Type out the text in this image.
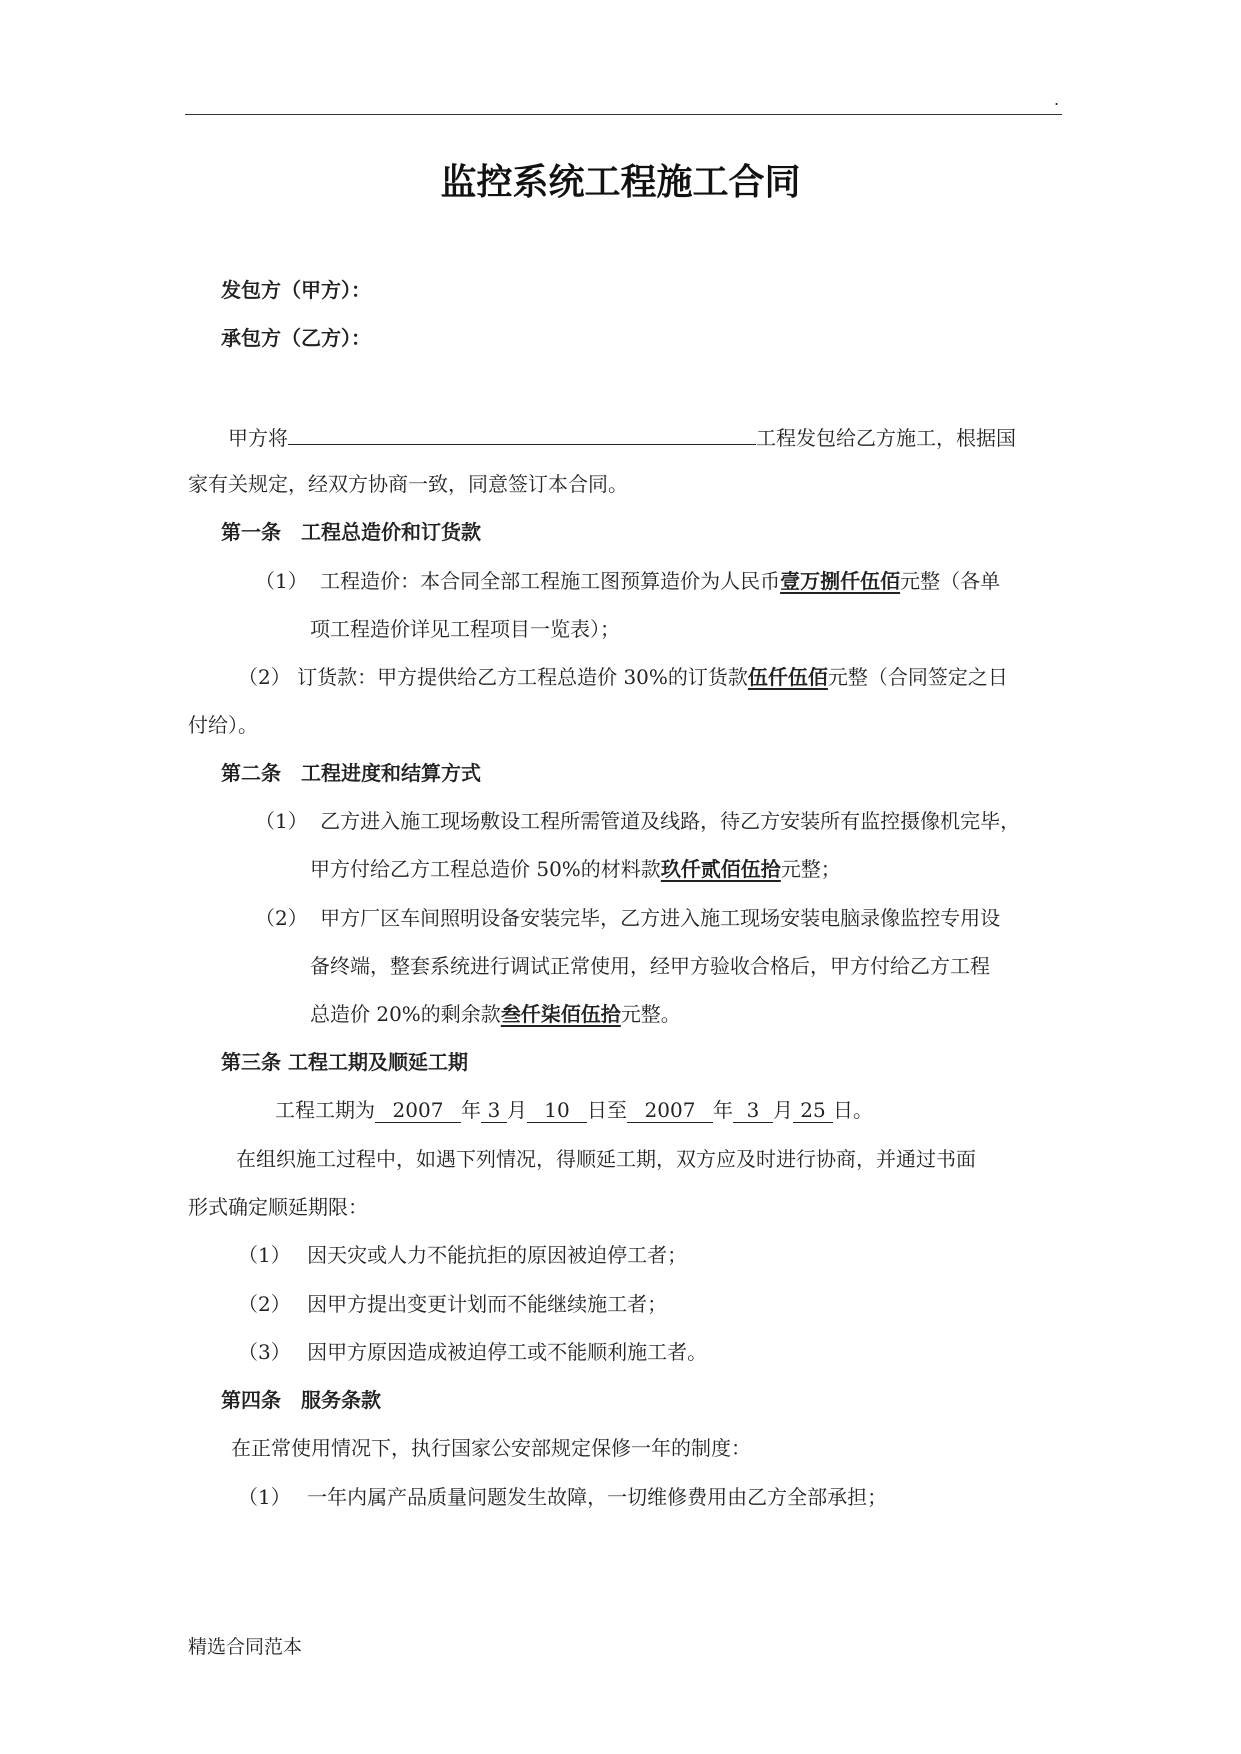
.
监控系统工程施工合同
发包方（甲方）：
承包方（乙方）：
甲方将	工程发包给乙方施工，根据国
家有关规定，经双方协商一致，同意签订本合同。
第一条　工程总造价和订货款
（1） 工程造价：本合同全部工程施工图预算造价为人民币壹万捌仟伍佰元整（各单
项工程造价详见工程项目一览表）；
（2） 订货款：甲方提供给乙方工程总造价 30%的订货款伍仟伍佰元整（合同签定之日
付给）。
第二条　工程进度和结算方式
（1） 乙方进入施工现场敷设工程所需管道及线路，待乙方安装所有监控摄像机完毕，
甲方付给乙方工程总造价 50%的材料款玖仟贰佰伍拾元整；
（2） 甲方厂区车间照明设备安装完毕，乙方进入施工现场安装电脑录像监控专用设
备终端，整套系统进行调试正常使用，经甲方验收合格后，甲方付给乙方工程
总造价 20%的剩余款叁仟柒佰伍拾元整。
第三条 工程工期及顺延工期
工程工期为 2007 年 3 月 10 日至 2007 年 3 月 25 日。
在组织施工过程中，如遇下列情况，得顺延工期，双方应及时进行协商，并通过书面
形式确定顺延期限：
（1） 因天灾或人力不能抗拒的原因被迫停工者；
（2） 因甲方提出变更计划而不能继续施工者；
（3） 因甲方原因造成被迫停工或不能顺利施工者。
第四条　服务条款
在正常使用情况下，执行国家公安部规定保修一年的制度：
（1） 一年内属产品质量问题发生故障，一切维修费用由乙方全部承担；
精选合同范本
